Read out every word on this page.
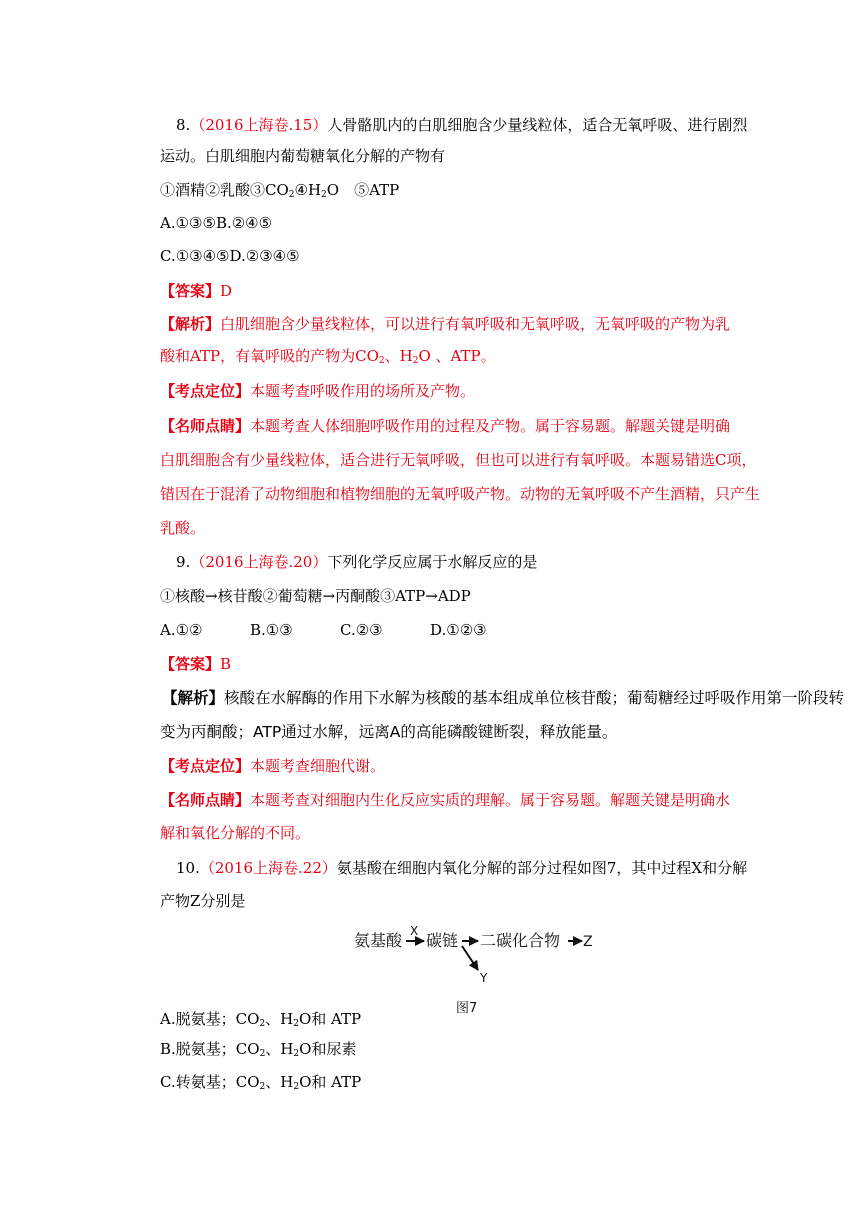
8.（2016上海卷.15）人骨骼肌内的白肌细胞含少量线粒体，适合无氧呼吸、进行剧烈
运动。白肌细胞内葡萄糖氧化分解的产物有
①酒精②乳酸$③CO_2④H_2O$　⑤ATP
A.①③⑤B.②④⑤
C.①③④⑤D.②③④⑤
【答案】D
【解析】白肌细胞含少量线粒体，可以进行有氧呼吸和无氧呼吸，无氧呼吸的产物为乳
酸和ATP，有氧呼吸的产物为$CO_2$、$H_2O$ 、ATP。
【考点定位】本题考查呼吸作用的场所及产物。
【名师点睛】本题考查人体细胞呼吸作用的过程及产物。属于容易题。解题关键是明确
白肌细胞含有少量线粒体，适合进行无氧呼吸，但也可以进行有氧呼吸。本题易错选C项，
错因在于混淆了动物细胞和植物细胞的无氧呼吸产物。动物的无氧呼吸不产生酒精，只产生
乳酸。
9.（2016上海卷.20）下列化学反应属于水解反应的是
①核酸→核苷酸②葡萄糖→丙酮酸③ATP→ADP
A.①②	B.①③	C.②③	D.①②③
【答案】B
【解析】核酸在水解酶的作用下水解为核酸的基本组成单位核苷酸；葡萄糖经过呼吸作用第一阶段转
变为丙酮酸；ATP通过水解，远离A的高能磷酸键断裂，释放能量。
【考点定位】本题考查细胞代谢。
【名师点睛】本题考查对细胞内生化反应实质的理解。属于容易题。解题关键是明确水
解和氧化分解的不同。
10.（2016上海卷.22）氨基酸在细胞内氧化分解的部分过程如图7，其中过程X和分解
产物Z分别是
氨基酸 X 碳链 二碳化合物 Z
Y
图7
A.脱氨基；$CO_2$、$H_2O$和 ATP
B.脱氨基；$CO_2$、$H_2O$和尿素
C.转氨基；$CO_2$、$H_2O$和 ATP
